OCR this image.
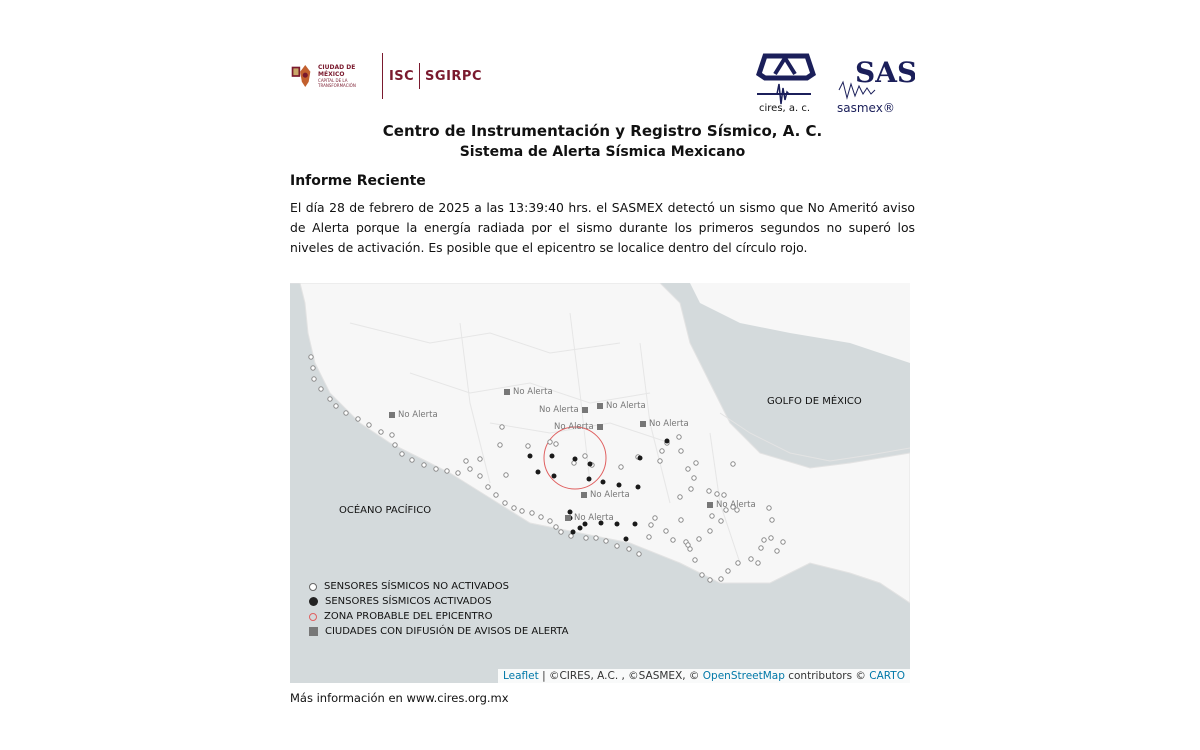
CIUDAD DE MÉXICO
CAPITAL DE LA TRANSFORMACIÓN
ISC SGIRPC	SAS
cires, a. c. sasmex®
Centro de Instrumentación y Registro Sísmico, A. C.
Sistema de Alerta Sísmica Mexicano
Informe Reciente
El día 28 de febrero de 2025 a las 13:39:40 hrs. el SASMEX detectó un sismo que No Ameritó aviso de Alerta porque la energía radiada por el sismo durante los primeros segundos no superó los niveles de activación. Es posible que el epicentro se localice dentro del círculo rojo.
GOLFO DE MÉXICO
OCÉANO PACÍFICO
No Alerta
No Alerta
No Alerta	No Alerta
No Alerta	No Alerta
No Alerta
No Alerta
No Alerta
SENSORES SÍSMICOS NO ACTIVADOS
SENSORES SÍSMICOS ACTIVADOS
ZONA PROBABLE DEL EPICENTRO
CIUDADES CON DIFUSIÓN DE AVISOS DE ALERTA
Leaflet | ©CIRES, A.C. , ©SASMEX, © OpenStreetMap contributors © CARTO
Más información en www.cires.org.mx
